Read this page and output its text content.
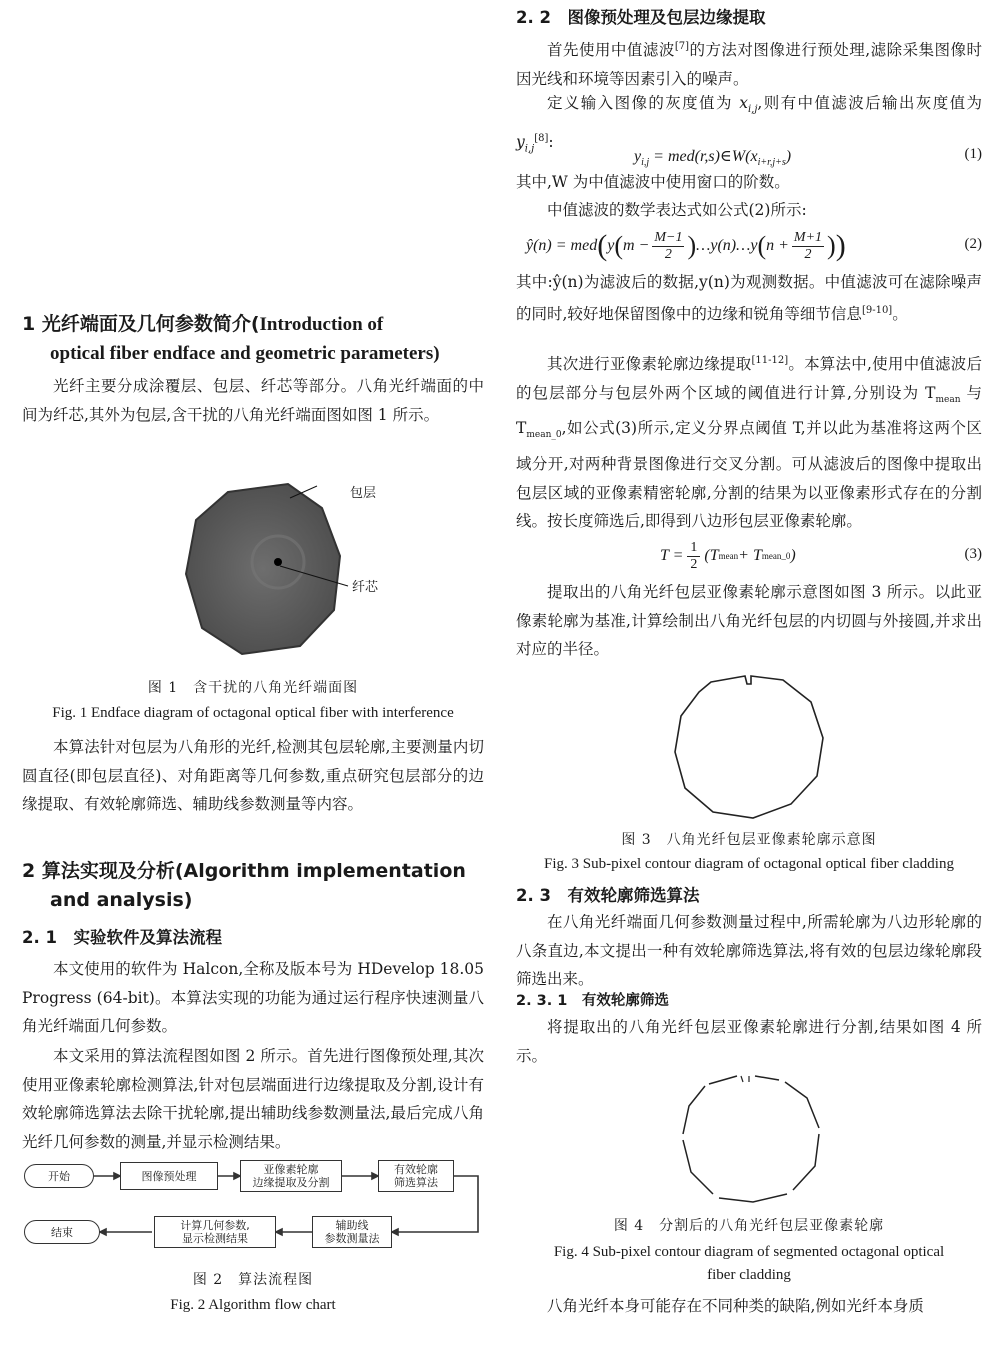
1 光纤端面及几何参数简介(Introduction of
optical fiber endface and geometric parameters)

光纤主要分成涂覆层、包层、纤芯等部分。八角光纤端面的中间为纤芯,其外为包层,含干扰的八角光纤端面图如图 1 所示。

包层
纤芯
图 1　含干扰的八角光纤端面图
Fig. 1 Endface diagram of octagonal optical fiber with interference

本算法针对包层为八角形的光纤,检测其包层轮廓,主要测量内切圆直径(即包层直径)、对角距离等几何参数,重点研究包层部分的边缘提取、有效轮廓筛选、辅助线参数测量等内容。

2 算法实现及分析(Algorithm implementation
and analysis)
2. 1　实验软件及算法流程

本文使用的软件为 Halcon,全称及版本号为 HDevelop 18.05 Progress (64-bit)。本算法实现的功能为通过运行程序快速测量八角光纤端面几何参数。

本文采用的算法流程图如图 2 所示。首先进行图像预处理,其次使用亚像素轮廓检测算法,针对包层端面进行边缘提取及分割,设计有效轮廓筛选算法去除干扰轮廓,提出辅助线参数测量法,最后完成八角光纤几何参数的测量,并显示检测结果。

开始	图像预处理	亚像素轮廓
边缘提取及分割
有效轮廓
筛选算法
辅助线
参数测量法
计算几何参数,
显示检测结果
结束
图 2　算法流程图
Fig. 2 Algorithm flow chart
2. 2　图像预处理及包层边缘提取

首先使用中值滤波[7]的方法对图像进行预处理,滤除采集图像时因光线和环境等因素引入的噪声。

定义输入图像的灰度值为 $x_{i,j}$,则有中值滤波后输出灰度值为 $y_{i,j}[8]$:

$y_{i,j}$ = $med(r,s)\in W(x_{i+r,j+s})$	(1)

其中,W 为中值滤波中使用窗口的阶数。

中值滤波的数学表达式如公式(2)所示:

ŷ(n) = med ( y ( $m - \frac{M-1}{2}$ ) …y(n)…y ( $n + \frac{M+1}{2}$ ) )	(2)

其中:ŷ(n)为滤波后的数据,y(n)为观测数据。中值滤波可在滤除噪声的同时,较好地保留图像中的边缘和锐角等细节信息[9-10]。

其次进行亚像素轮廓边缘提取[11-12]。本算法中,使用中值滤波后的包层部分与包层外两个区域的阈值进行计算,分别设为 $T_{mean}$ 与 $T_{mean\_0}$,如公式(3)所示,定义分界点阈值 T,并以此为基准将这两个区域分开,对两种背景图像进行交叉分割。可从滤波后的图像中提取出包层区域的亚像素精密轮廓,分割的结果为以亚像素形式存在的分割线。按长度筛选后,即得到八边形包层亚像素轮廓。

$T = \frac{1}{2} (T$ mean + T mean_0 )	(3)

提取出的八角光纤包层亚像素轮廓示意图如图 3 所示。以此亚像素轮廓为基准,计算绘制出八角光纤包层的内切圆与外接圆,并求出对应的半径。

图 3　八角光纤包层亚像素轮廓示意图
Fig. 3 Sub-pixel contour diagram of octagonal optical fiber cladding
2. 3　有效轮廓筛选算法

在八角光纤端面几何参数测量过程中,所需轮廓为八边形轮廓的八条直边,本文提出一种有效轮廓筛选算法,将有效的包层边缘轮廓段筛选出来。

2. 3. 1　有效轮廓筛选

将提取出的八角光纤包层亚像素轮廓进行分割,结果如图 4 所示。

图 4　分割后的八角光纤包层亚像素轮廓
Fig. 4 Sub-pixel contour diagram of segmented octagonal optical
fiber cladding

八角光纤本身可能存在不同种类的缺陷,例如光纤本身质
